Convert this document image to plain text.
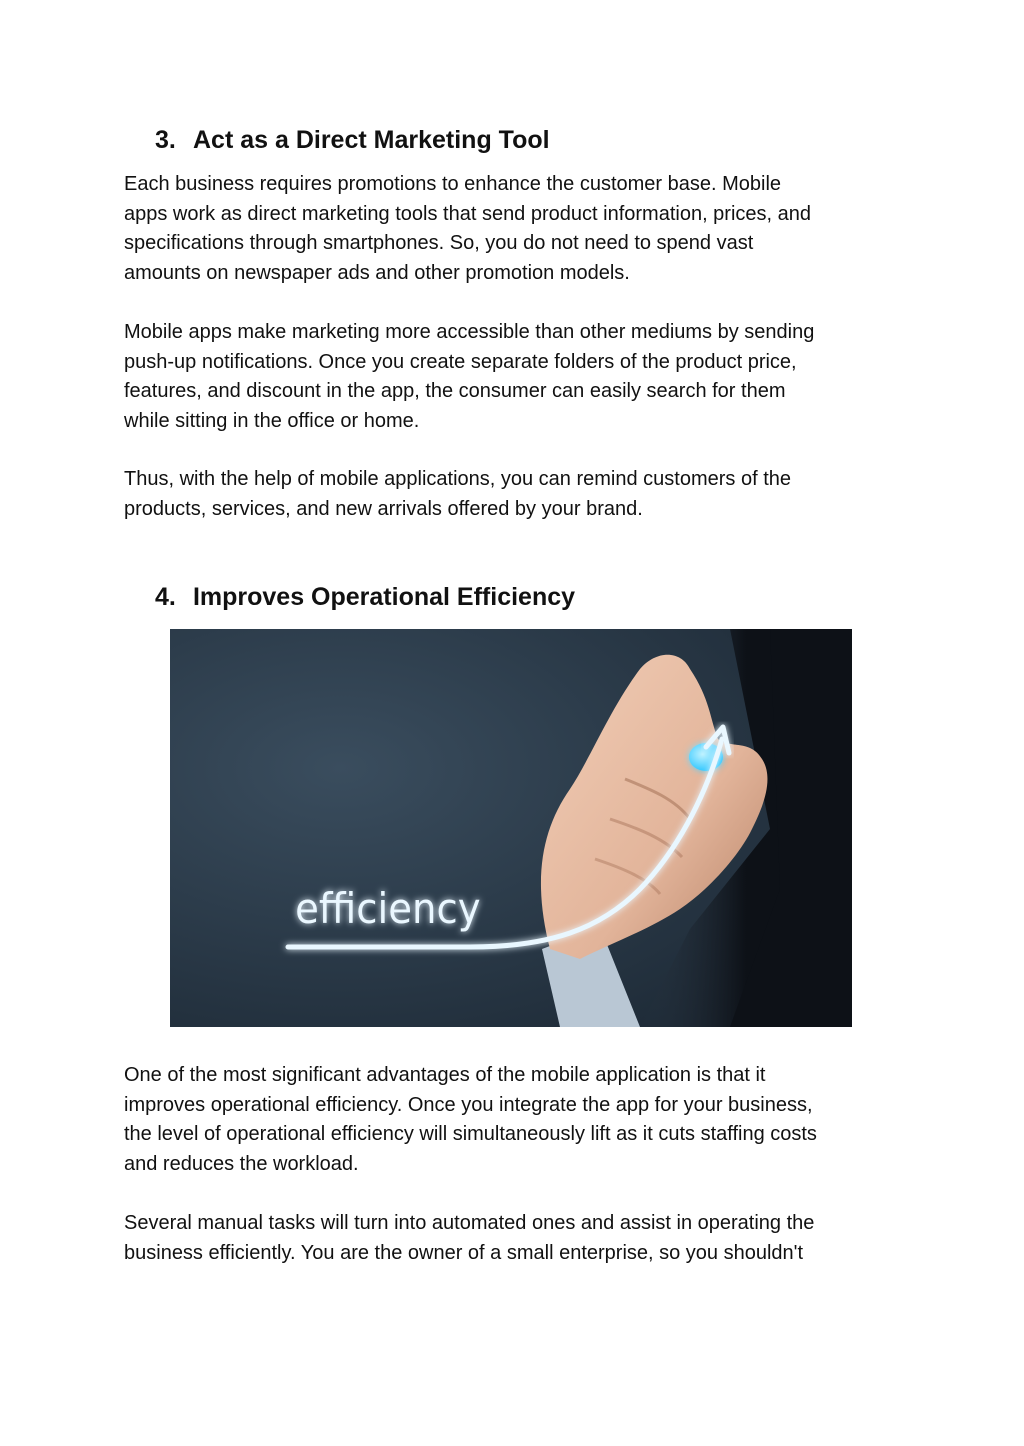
3. Act as a Direct Marketing Tool

Each business requires promotions to enhance the customer base. Mobile
apps work as direct marketing tools that send product information, prices, and
specifications through smartphones. So, you do not need to spend vast
amounts on newspaper ads and other promotion models.

Mobile apps make marketing more accessible than other mediums by sending
push-up notifications. Once you create separate folders of the product price,
features, and discount in the app, the consumer can easily search for them
while sitting in the office or home.

Thus, with the help of mobile applications, you can remind customers of the
products, services, and new arrivals offered by your brand.

4. Improves Operational Efficiency
efficiency

One of the most significant advantages of the mobile application is that it
improves operational efficiency. Once you integrate the app for your business,
the level of operational efficiency will simultaneously lift as it cuts staffing costs
and reduces the workload.

Several manual tasks will turn into automated ones and assist in operating the
business efficiently. You are the owner of a small enterprise, so you shouldn't
